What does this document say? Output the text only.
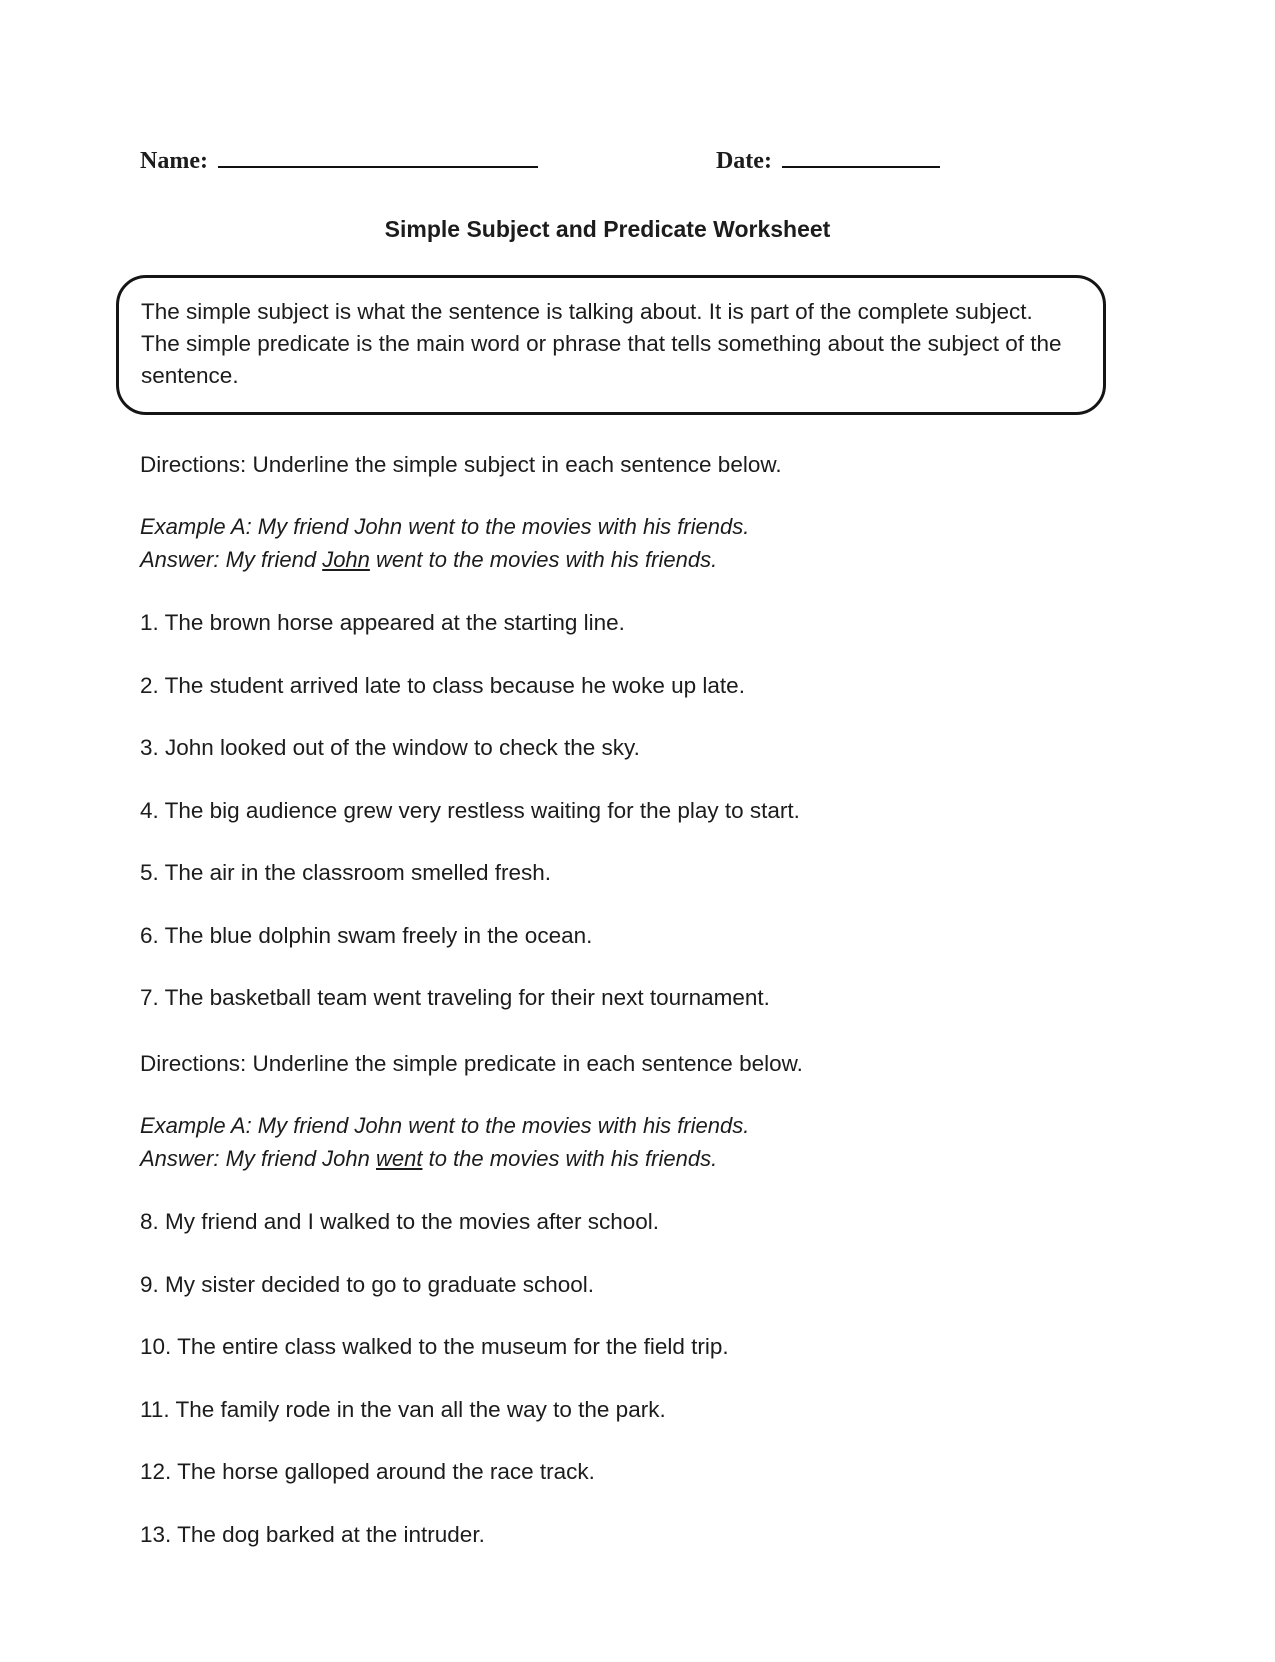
Name:	Date:
Simple Subject and Predicate Worksheet
The simple subject is what the sentence is talking about. It is part of the complete subject.
The simple predicate is the main word or phrase that tells something about the subject of the sentence.

Directions: Underline the simple subject in each sentence below.

Example A: My friend John went to the movies with his friends.

Answer: My friend John went to the movies with his friends.

1. The brown horse appeared at the starting line.

2. The student arrived late to class because he woke up late.

3. John looked out of the window to check the sky.

4. The big audience grew very restless waiting for the play to start.

5. The air in the classroom smelled fresh.

6. The blue dolphin swam freely in the ocean.

7. The basketball team went traveling for their next tournament.

Directions: Underline the simple predicate in each sentence below.

Example A: My friend John went to the movies with his friends.

Answer: My friend John went to the movies with his friends.

8. My friend and I walked to the movies after school.

9. My sister decided to go to graduate school.

10. The entire class walked to the museum for the field trip.

11. The family rode in the van all the way to the park.

12. The horse galloped around the race track.

13. The dog barked at the intruder.
